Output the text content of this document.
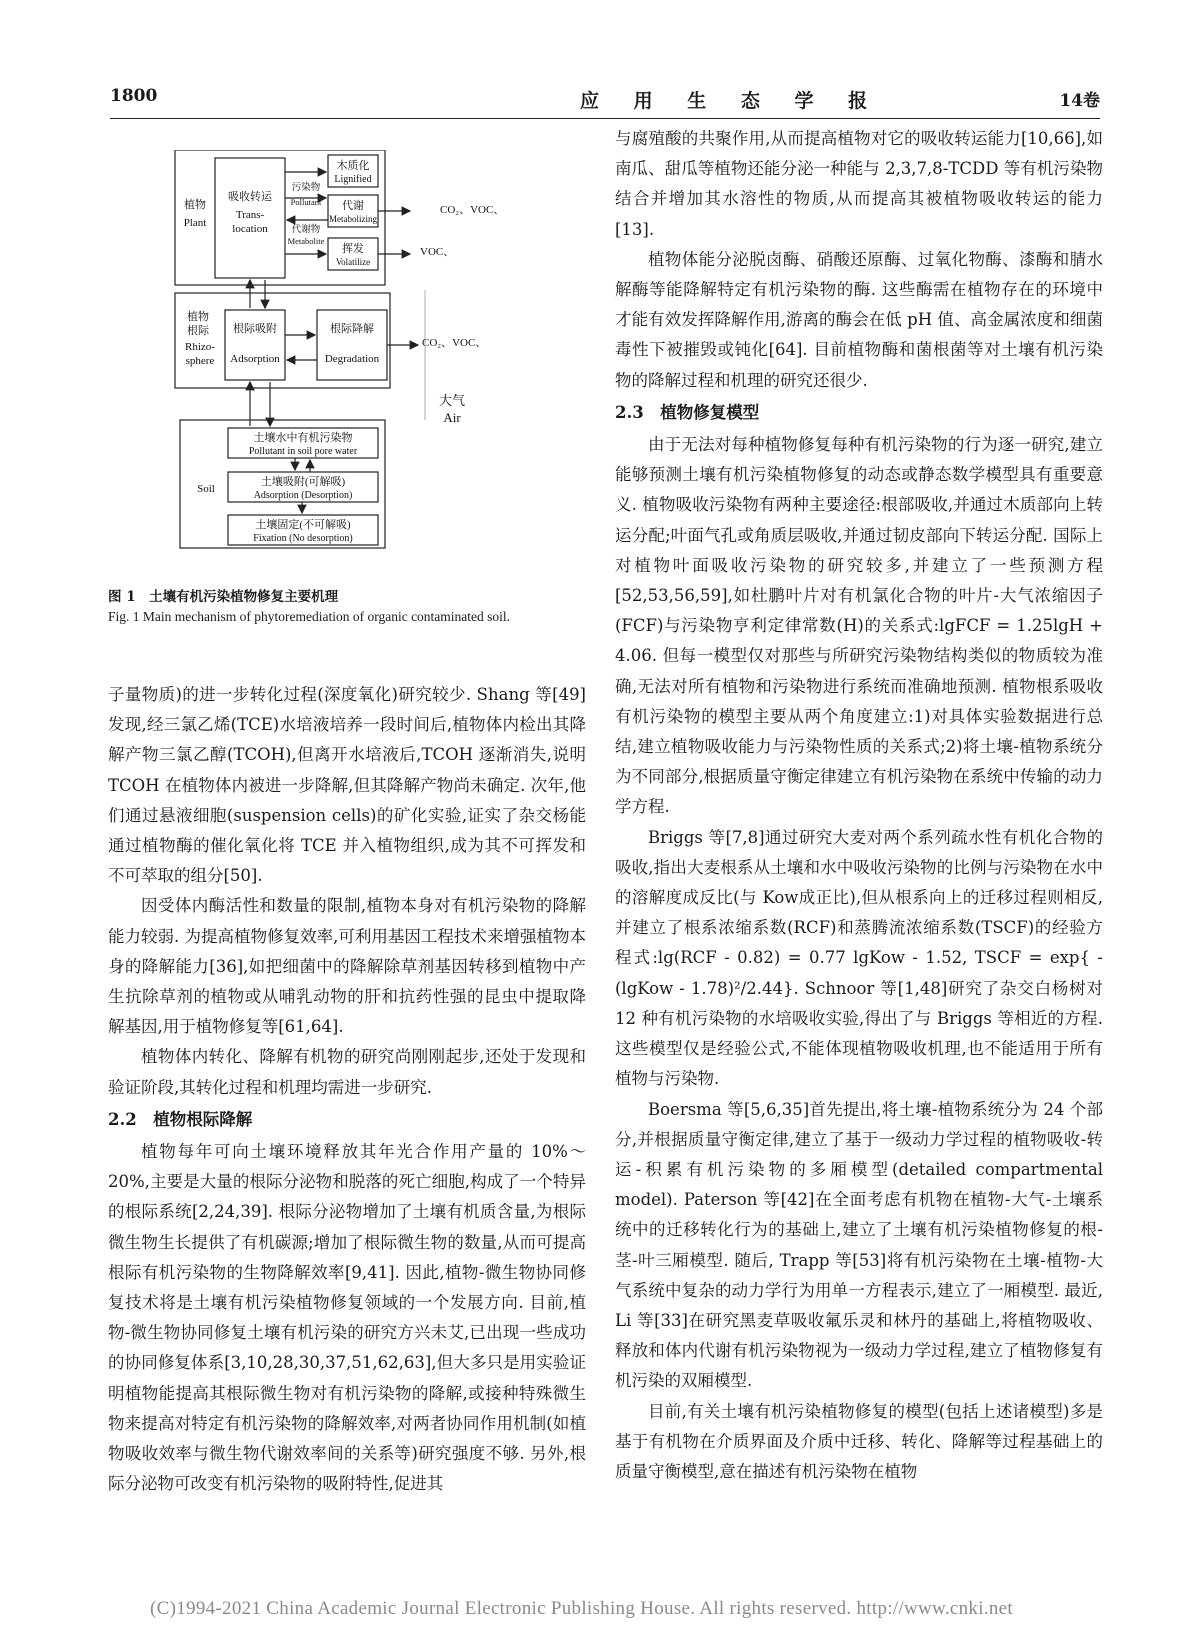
1800	应 用 生 态 学 报	14卷
植物
Plant
吸收转运
Trans-
location
污染物
Pollutant
代谢物
Metabolite
木质化
Lignified
代谢
Metabolizing
挥发
Volatilize
CO₂、VOC、
VOC、
植物
根际
Rhizo-
sphere
根际吸附
Adsorption
根际降解
Degradation
CO₂、VOC、
大气
Air
Soil
土壤水中有机污染物
Pollutant in soil pore water
土壤吸附(可解吸)
Adsorption (Desorption)
土壤固定(不可解吸)
Fixation (No desorption)
图 1　土壤有机污染植物修复主要机理
Fig. 1 Main mechanism of phytoremediation of organic contaminated soil.

子量物质)的进一步转化过程(深度氧化)研究较少. Shang 等[49]发现,经三氯乙烯(TCE)水培液培养一段时间后,植物体内检出其降解产物三氯乙醇(TCOH),但离开水培液后,TCOH 逐渐消失,说明 TCOH 在植物体内被进一步降解,但其降解产物尚未确定. 次年,他们通过悬液细胞(suspension cells)的矿化实验,证实了杂交杨能通过植物酶的催化氧化将 TCE 并入植物组织,成为其不可挥发和不可萃取的组分[50].

因受体内酶活性和数量的限制,植物本身对有机污染物的降解能力较弱. 为提高植物修复效率,可利用基因工程技术来增强植物本身的降解能力[36],如把细菌中的降解除草剂基因转移到植物中产生抗除草剂的植物或从哺乳动物的肝和抗药性强的昆虫中提取降解基因,用于植物修复等[61,64].

植物体内转化、降解有机物的研究尚刚刚起步,还处于发现和验证阶段,其转化过程和机理均需进一步研究.

2.2　植物根际降解

植物每年可向土壤环境释放其年光合作用产量的 10%～20%,主要是大量的根际分泌物和脱落的死亡细胞,构成了一个特异的根际系统[2,24,39]. 根际分泌物增加了土壤有机质含量,为根际微生物生长提供了有机碳源;增加了根际微生物的数量,从而可提高根际有机污染物的生物降解效率[9,41]. 因此,植物-微生物协同修复技术将是土壤有机污染植物修复领域的一个发展方向. 目前,植物-微生物协同修复土壤有机污染的研究方兴未艾,已出现一些成功的协同修复体系[3,10,28,30,37,51,62,63],但大多只是用实验证明植物能提高其根际微生物对有机污染物的降解,或接种特殊微生物来提高对特定有机污染物的降解效率,对两者协同作用机制(如植物吸收效率与微生物代谢效率间的关系等)研究强度不够. 另外,根际分泌物可改变有机污染物的吸附特性,促进其

与腐殖酸的共聚作用,从而提高植物对它的吸收转运能力[10,66],如南瓜、甜瓜等植物还能分泌一种能与 2,3,7,8-TCDD 等有机污染物结合并增加其水溶性的物质,从而提高其被植物吸收转运的能力[13].

植物体能分泌脱卤酶、硝酸还原酶、过氧化物酶、漆酶和腈水解酶等能降解特定有机污染物的酶. 这些酶需在植物存在的环境中才能有效发挥降解作用,游离的酶会在低 pH 值、高金属浓度和细菌毒性下被摧毁或钝化[64]. 目前植物酶和菌根菌等对土壤有机污染物的降解过程和机理的研究还很少.

2.3　植物修复模型

由于无法对每种植物修复每种有机污染物的行为逐一研究,建立能够预测土壤有机污染植物修复的动态或静态数学模型具有重要意义. 植物吸收污染物有两种主要途径:根部吸收,并通过木质部向上转运分配;叶面气孔或角质层吸收,并通过韧皮部向下转运分配. 国际上对植物叶面吸收污染物的研究较多,并建立了一些预测方程[52,53,56,59],如杜鹏叶片对有机氯化合物的叶片-大气浓缩因子(FCF)与污染物亨利定律常数(H)的关系式:lgFCF = 1.25lgH + 4.06. 但每一模型仅对那些与所研究污染物结构类似的物质较为准确,无法对所有植物和污染物进行系统而准确地预测. 植物根系吸收有机污染物的模型主要从两个角度建立:1)对具体实验数据进行总结,建立植物吸收能力与污染物性质的关系式;2)将土壤-植物系统分为不同部分,根据质量守衡定律建立有机污染物在系统中传输的动力学方程.

Briggs 等[7,8]通过研究大麦对两个系列疏水性有机化合物的吸收,指出大麦根系从土壤和水中吸收污染物的比例与污染物在水中的溶解度成反比(与 Kow成正比),但从根系向上的迁移过程则相反,并建立了根系浓缩系数(RCF)和蒸腾流浓缩系数(TSCF)的经验方程式:lg(RCF - 0.82) = 0.77 lgKow - 1.52, TSCF = exp{ - (lgKow - 1.78)²/2.44}. Schnoor 等[1,48]研究了杂交白杨树对 12 种有机污染物的水培吸收实验,得出了与 Briggs 等相近的方程. 这些模型仅是经验公式,不能体现植物吸收机理,也不能适用于所有植物与污染物.

Boersma 等[5,6,35]首先提出,将土壤-植物系统分为 24 个部分,并根据质量守衡定律,建立了基于一级动力学过程的植物吸收-转运-积累有机污染物的多厢模型(detailed compartmental model). Paterson 等[42]在全面考虑有机物在植物-大气-土壤系统中的迁移转化行为的基础上,建立了土壤有机污染植物修复的根-茎-叶三厢模型. 随后, Trapp 等[53]将有机污染物在土壤-植物-大气系统中复杂的动力学行为用单一方程表示,建立了一厢模型. 最近, Li 等[33]在研究黑麦草吸收氟乐灵和林丹的基础上,将植物吸收、释放和体内代谢有机污染物视为一级动力学过程,建立了植物修复有机污染的双厢模型.

目前,有关土壤有机污染植物修复的模型(包括上述诸模型)多是基于有机物在介质界面及介质中迁移、转化、降解等过程基础上的质量守衡模型,意在描述有机污染物在植物

(C)1994-2021 China Academic Journal Electronic Publishing House. All rights reserved. http://www.cnki.net
